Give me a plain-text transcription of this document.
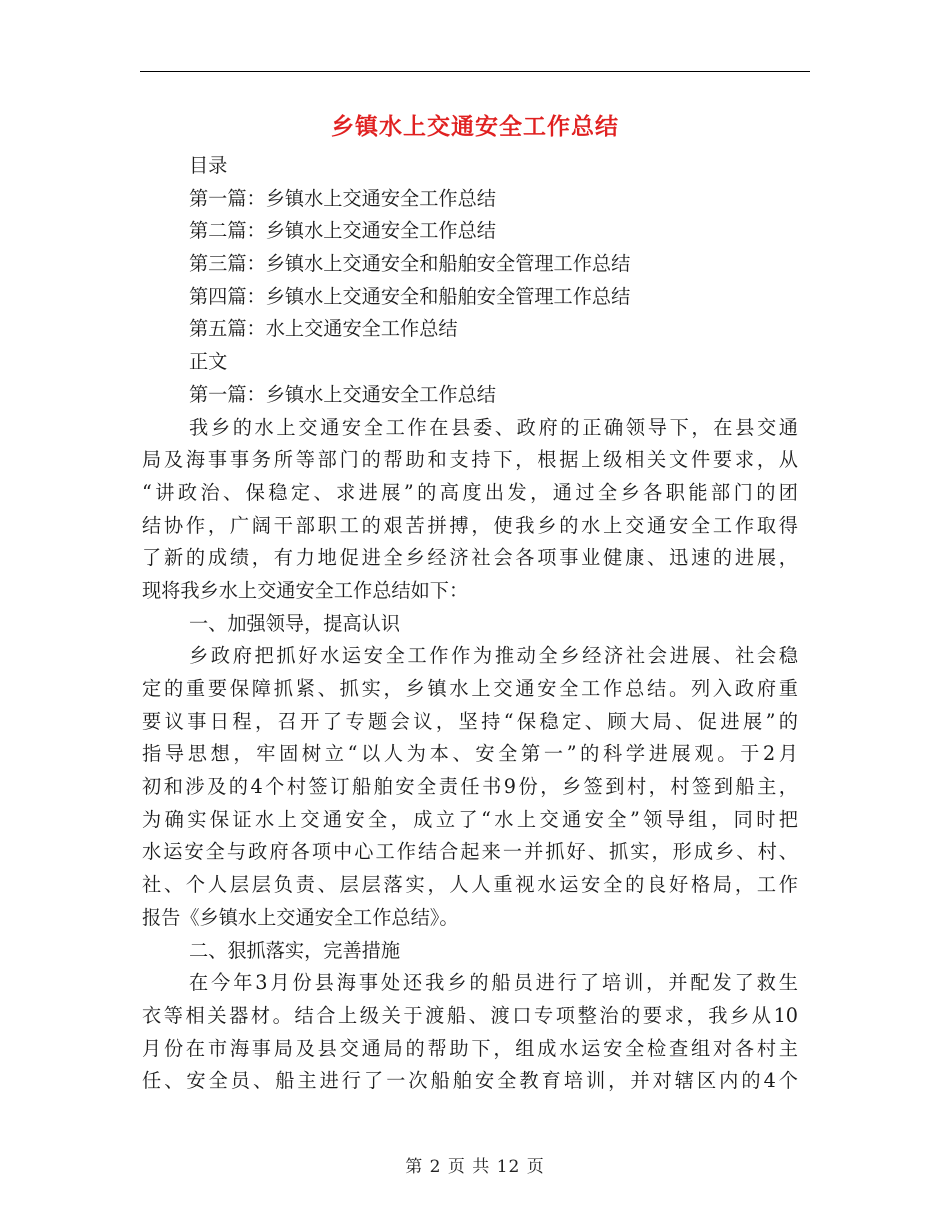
乡镇水上交通安全工作总结
目录
第一篇：乡镇水上交通安全工作总结
第二篇：乡镇水上交通安全工作总结
第三篇：乡镇水上交通安全和船舶安全管理工作总结
第四篇：乡镇水上交通安全和船舶安全管理工作总结
第五篇：水上交通安全工作总结
正文
第一篇：乡镇水上交通安全工作总结
我乡的水上交通安全工作在县委、政府的正确领导下，在县交通
局及海事事务所等部门的帮助和支持下，根据上级相关文件要求，从
“讲政治、保稳定、求进展”的高度出发，通过全乡各职能部门的团
结协作，广阔干部职工的艰苦拼搏，使我乡的水上交通安全工作取得
了新的成绩，有力地促进全乡经济社会各项事业健康、迅速的进展，
现将我乡水上交通安全工作总结如下：
一、加强领导，提高认识
乡政府把抓好水运安全工作作为推动全乡经济社会进展、社会稳
定的重要保障抓紧、抓实，乡镇水上交通安全工作总结。列入政府重
要议事日程，召开了专题会议，坚持“保稳定、顾大局、促进展”的
指导思想，牢固树立“以人为本、安全第一”的科学进展观。于2月
初和涉及的4个村签订船舶安全责任书9份，乡签到村，村签到船主，
为确实保证水上交通安全，成立了“水上交通安全”领导组，同时把
水运安全与政府各项中心工作结合起来一并抓好、抓实，形成乡、村、
社、个人层层负责、层层落实，人人重视水运安全的良好格局，工作
报告《乡镇水上交通安全工作总结》。
二、狠抓落实，完善措施
在今年3月份县海事处还我乡的船员进行了培训，并配发了救生
衣等相关器材。结合上级关于渡船、渡口专项整治的要求，我乡从10
月份在市海事局及县交通局的帮助下，组成水运安全检查组对各村主
任、安全员、船主进行了一次船舶安全教育培训，并对辖区内的4个
第 2 页 共 12 页
